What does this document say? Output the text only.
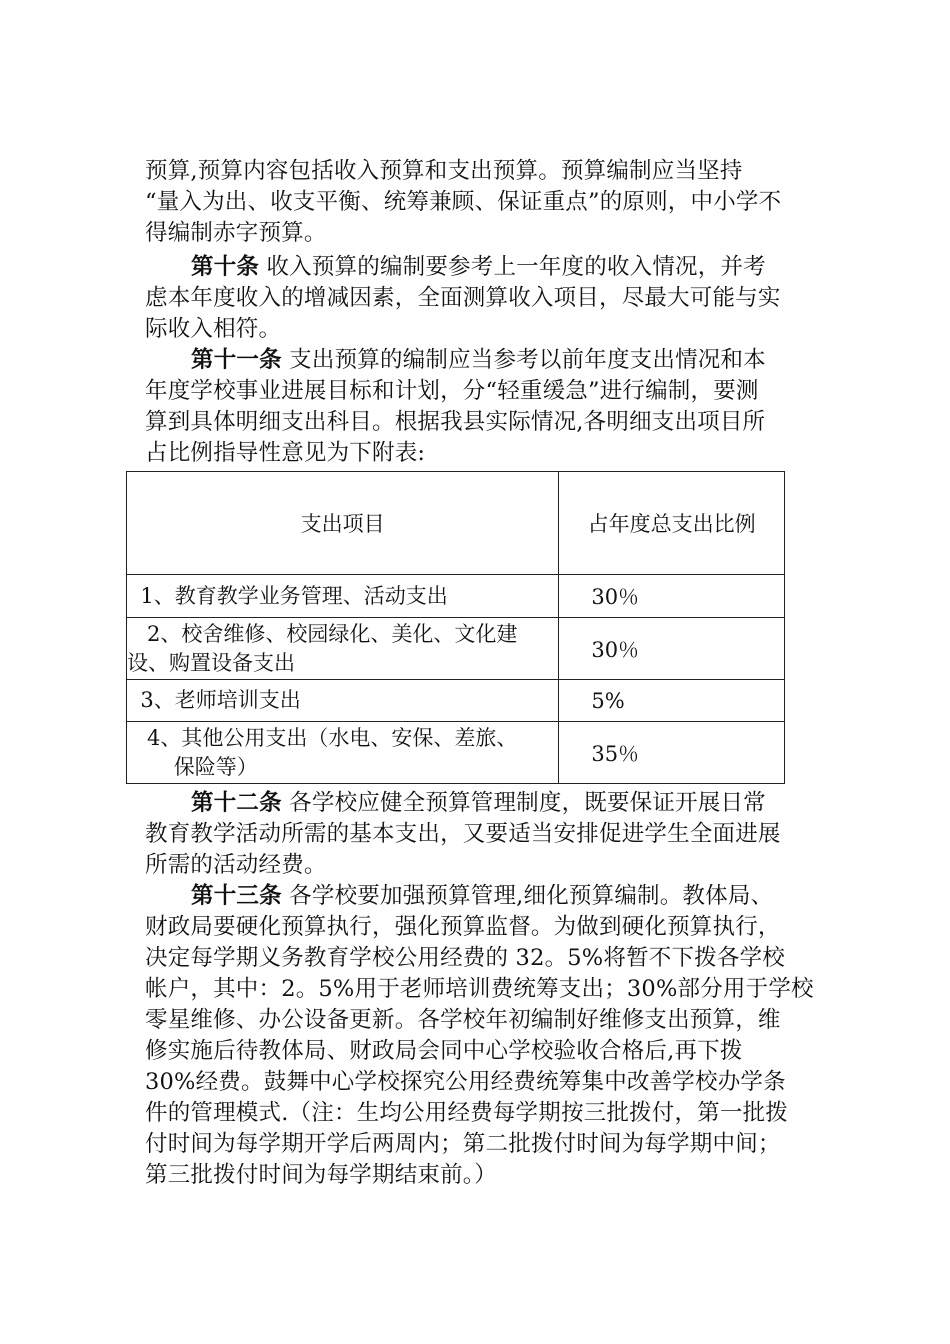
预算,预算内容包括收入预算和支出预算。预算编制应当坚持
“量入为出、收支平衡、统筹兼顾、保证重点”的原则，中小学不
得编制赤字预算。

第十条 收入预算的编制要参考上一年度的收入情况，并考
虑本年度收入的增减因素，全面测算收入项目，尽最大可能与实
际收入相符。

第十一条 支出预算的编制应当参考以前年度支出情况和本
年度学校事业进展目标和计划，分“轻重缓急”进行编制，要测
算到具体明细支出科目。根据我县实际情况,各明细支出项目所
占比例指导性意见为下附表:

支出项目	占年度总支出比例

1、教育教学业务管理、活动支出	30％

2、校舍维修、校园绿化、美化、文化建
设、购置设备支出	30％

3、老师培训支出	5%

4、其他公用支出（水电、安保、差旅、
保险等）	35％

第十二条 各学校应健全预算管理制度，既要保证开展日常
教育教学活动所需的基本支出，又要适当安排促进学生全面进展
所需的活动经费。

第十三条 各学校要加强预算管理,细化预算编制。教体局、
财政局要硬化预算执行，强化预算监督。为做到硬化预算执行，
决定每学期义务教育学校公用经费的 32。5%将暂不下拨各学校
帐户，其中：2。5%用于老师培训费统筹支出；30%部分用于学校
零星维修、办公设备更新。各学校年初编制好维修支出预算，维
修实施后待教体局、财政局会同中心学校验收合格后,再下拨
30%经费。鼓舞中心学校探究公用经费统筹集中改善学校办学条
件的管理模式.（注：生均公用经费每学期按三批拨付，第一批拨
付时间为每学期开学后两周内；第二批拨付时间为每学期中间；
第三批拨付时间为每学期结束前。）
